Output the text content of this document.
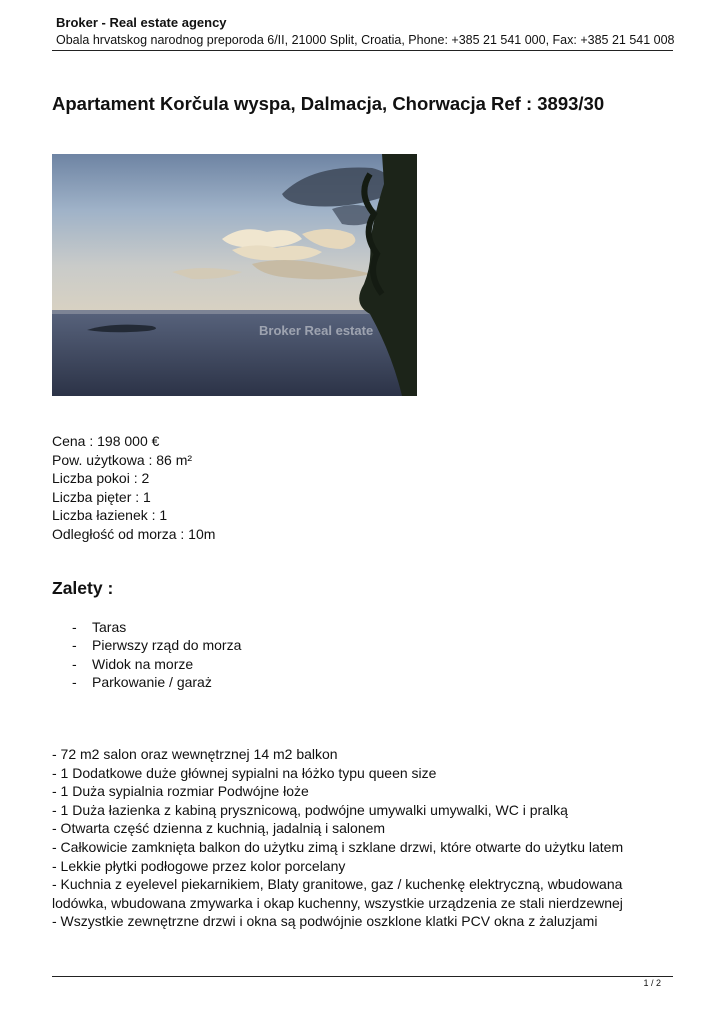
Broker - Real estate agency
Obala hrvatskog narodnog preporoda 6/II, 21000 Split, Croatia, Phone: +385 21 541 000, Fax: +385 21 541 008
Apartament Korčula wyspa, Dalmacja, Chorwacja Ref : 3893/30
Broker Real estate
Cena : 198 000 €
Pow. użytkowa : 86 m²
Liczba pokoi : 2
Liczba pięter : 1
Liczba łazienek : 1
Odległość od morza : 10m
Zalety :
- Taras
- Pierwszy rząd do morza
- Widok na morze
- Parkowanie / garaż
- 72 m2 salon oraz wewnętrznej 14 m2 balkon
- 1 Dodatkowe duże głównej sypialni na łóżko typu queen size
- 1 Duża sypialnia rozmiar Podwójne łoże
- 1 Duża łazienka z kabiną prysznicową, podwójne umywalki umywalki, WC i pralką
- Otwarta część dzienna z kuchnią, jadalnią i salonem
- Całkowicie zamknięta balkon do użytku zimą i szklane drzwi, które otwarte do użytku latem
- Lekkie płytki podłogowe przez kolor porcelany
- Kuchnia z eyelevel piekarnikiem, Blaty granitowe, gaz / kuchenkę elektryczną, wbudowana
lodówka, wbudowana zmywarka i okap kuchenny, wszystkie urządzenia ze stali nierdzewnej
- Wszystkie zewnętrzne drzwi i okna są podwójnie oszklone klatki PCV okna z żaluzjami
1 / 2
